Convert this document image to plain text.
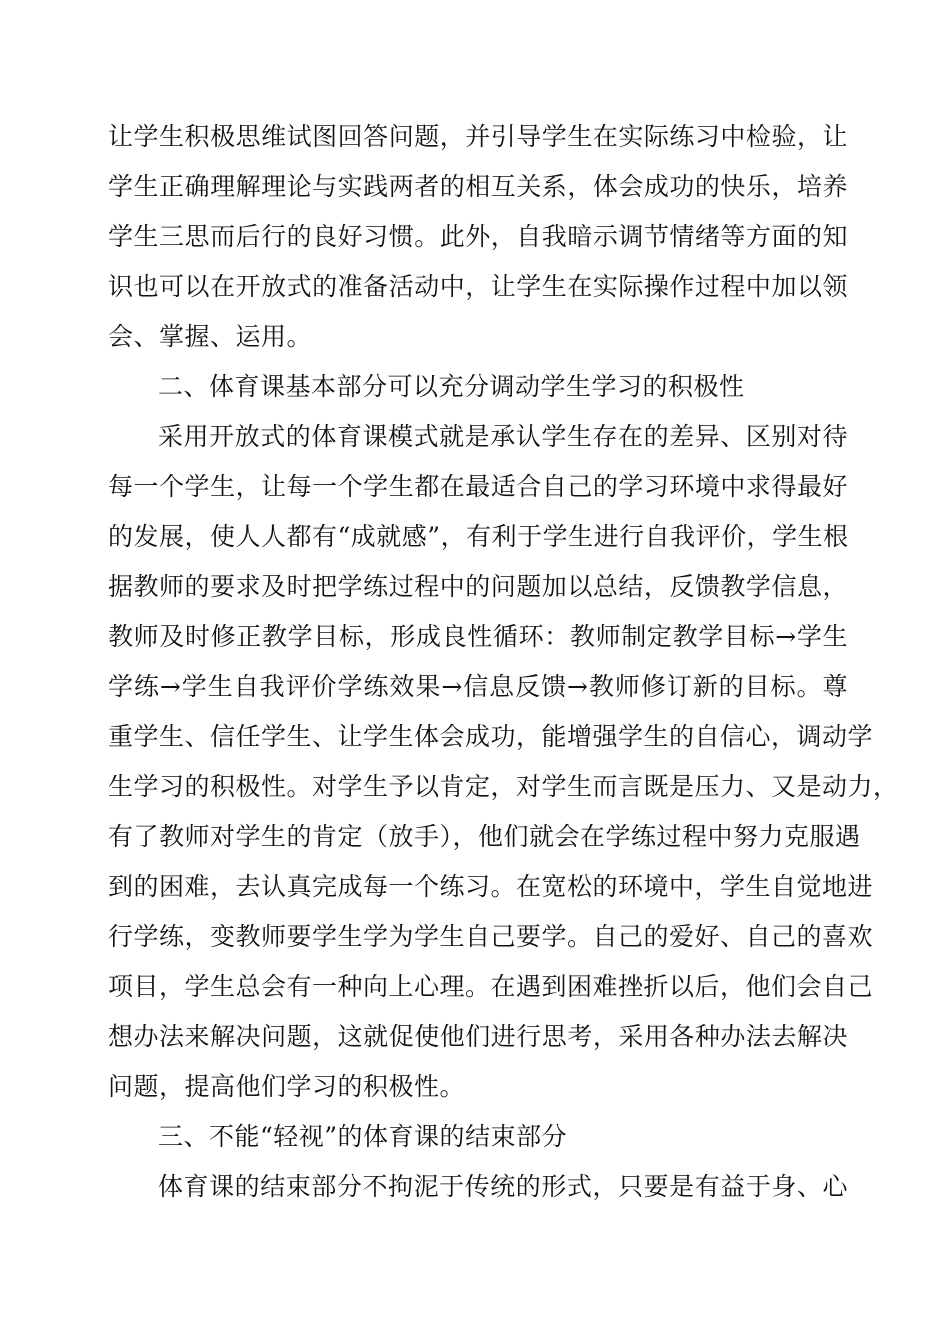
让学生积极思维试图回答问题，并引导学生在实际练习中检验，让
学生正确理解理论与实践两者的相互关系，体会成功的快乐，培养
学生三思而后行的良好习惯。此外，自我暗示调节情绪等方面的知
识也可以在开放式的准备活动中，让学生在实际操作过程中加以领
会、掌握、运用。
二、体育课基本部分可以充分调动学生学习的积极性
采用开放式的体育课模式就是承认学生存在的差异、区别对待
每一个学生，让每一个学生都在最适合自己的学习环境中求得最好
的发展，使人人都有“成就感”，有利于学生进行自我评价，学生根
据教师的要求及时把学练过程中的问题加以总结，反馈教学信息，
教师及时修正教学目标，形成良性循环：教师制定教学目标→学生
学练→学生自我评价学练效果→信息反馈→教师修订新的目标。尊
重学生、信任学生、让学生体会成功，能增强学生的自信心，调动学
生学习的积极性。对学生予以肯定，对学生而言既是压力、又是动力，
有了教师对学生的肯定（放手），他们就会在学练过程中努力克服遇
到的困难，去认真完成每一个练习。在宽松的环境中，学生自觉地进
行学练，变教师要学生学为学生自己要学。自己的爱好、自己的喜欢
项目，学生总会有一种向上心理。在遇到困难挫折以后，他们会自己
想办法来解决问题，这就促使他们进行思考，采用各种办法去解决
问题，提高他们学习的积极性。
三、不能“轻视”的体育课的结束部分
体育课的结束部分不拘泥于传统的形式，只要是有益于身、心
